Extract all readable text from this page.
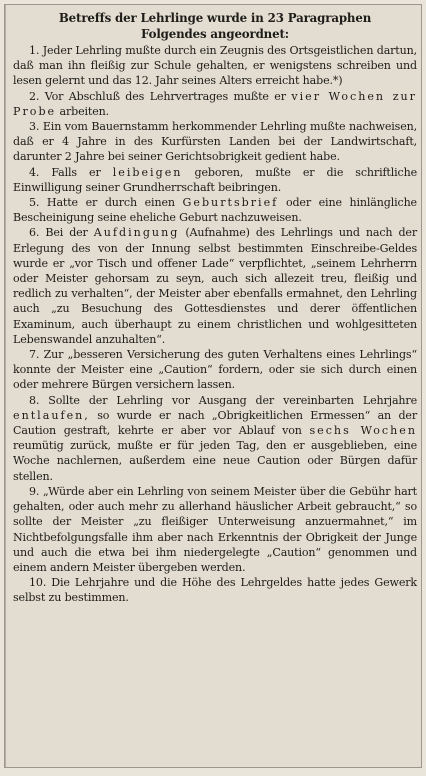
Betreffs der Lehrlinge wurde in 23 Paragraphen
Folgendes angeordnet:

1. Jeder Lehrling mußte durch ein Zeugnis des Ortsgeistlichen dartun, daß man ihn fleißig zur Schule gehalten, er wenigstens schreiben und lesen gelernt und das 12. Jahr seines Alters erreicht habe.*)

2. Vor Abschluß des Lehrvertrages mußte er vier Wochen zur Probe arbeiten.

3. Ein vom Bauernstamm herkommender Lehrling mußte nachweisen, daß er 4 Jahre in des Kurfürsten Landen bei der Landwirtschaft, darunter 2 Jahre bei seiner Gerichtsobrigkeit gedient habe.

4. Falls er leibeigen geboren, mußte er die schriftliche Einwilligung seiner Grundherrschaft beibringen.

5. Hatte er durch einen Geburtsbrief oder eine hinlängliche Bescheinigung seine eheliche Geburt nachzuweisen.

6. Bei der Aufdingung (Aufnahme) des Lehrlings und nach der Erlegung des von der Innung selbst bestimmten Einschreibe-Geldes wurde er „vor Tisch und offener Lade“ verpflichtet, „seinem Lehrherrn oder Meister gehorsam zu seyn, auch sich allezeit treu, fleißig und redlich zu verhalten“, der Meister aber ebenfalls ermahnet, den Lehrling auch „zu Besuchung des Gottesdienstes und derer öffentlichen Examinum, auch überhaupt zu einem christlichen und wohlgesitteten Lebenswandel anzuhalten“.

7. Zur „besseren Versicherung des guten Verhaltens eines Lehrlings“ konnte der Meister eine „Caution“ fordern, oder sie sich durch einen oder mehrere Bürgen versichern lassen.

8. Sollte der Lehrling vor Ausgang der vereinbarten Lehrjahre entlaufen, so wurde er nach „Obrigkeitlichen Ermessen“ an der Caution gestraft, kehrte er aber vor Ablauf von sechs Wochen reumütig zurück, mußte er für jeden Tag, den er ausgeblieben, eine Woche nachlernen, außerdem eine neue Caution oder Bürgen dafür stellen.

9. „Würde aber ein Lehrling von seinem Meister über die Gebühr hart gehalten, oder auch mehr zu allerhand häuslicher Arbeit gebraucht,“ so sollte der Meister „zu fleißiger Unterweisung anzuermahnet,“ im Nichtbefolgungsfalle ihm aber nach Erkenntnis der Obrigkeit der Junge und auch die etwa bei ihm niedergelegte „Caution“ genommen und einem andern Meister übergeben werden.

10. Die Lehrjahre und die Höhe des Lehrgeldes hatte jedes Gewerk selbst zu bestimmen.
